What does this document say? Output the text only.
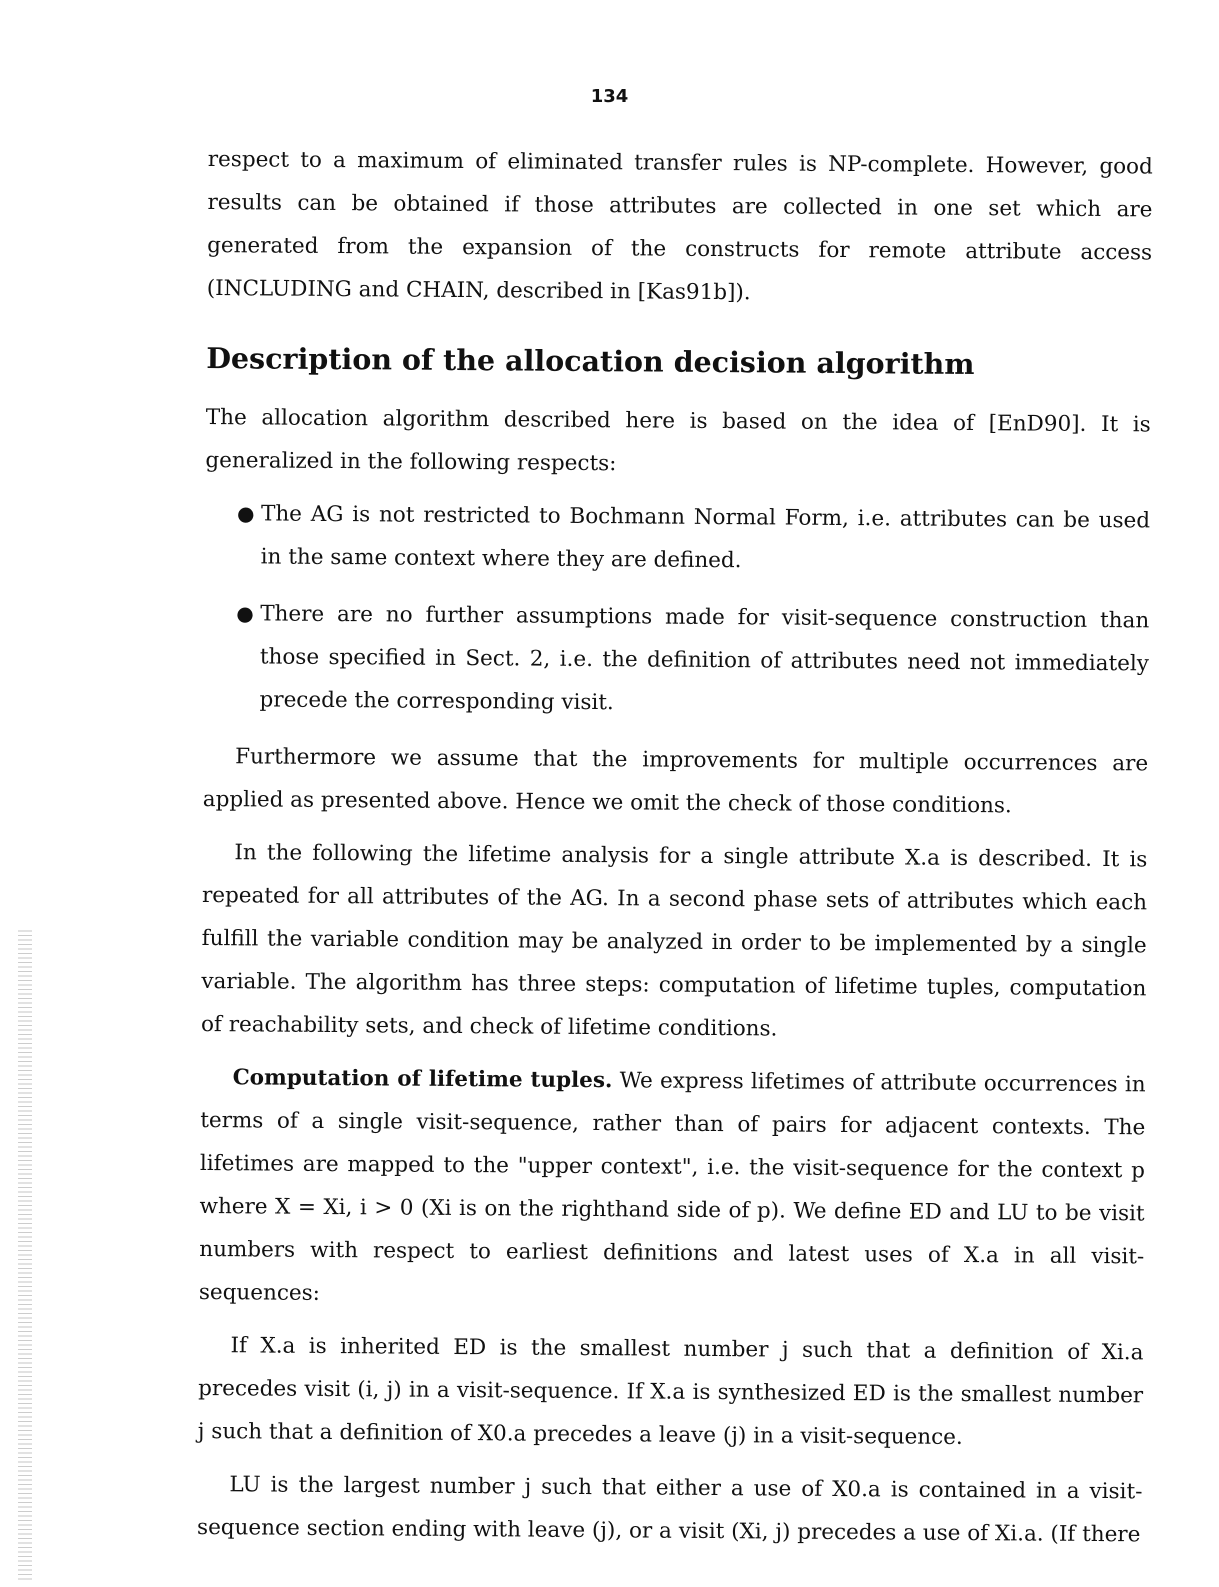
134

respect to a maximum of eliminated transfer rules is NP-complete. However, good results can be obtained if those attributes are collected in one set which are generated from the expansion of the constructs for remote attribute access (INCLUDING and CHAIN, described in [Kas91b]).

Description of the allocation decision algorithm

The allocation algorithm described here is based on the idea of [EnD90]. It is generalized in the following respects:

● The AG is not restricted to Bochmann Normal Form, i.e. attributes can be used in the same context where they are defined.
● There are no further assumptions made for visit-sequence construction than those specified in Sect. 2, i.e. the definition of attributes need not immediately precede the corresponding visit.

Furthermore we assume that the improvements for multiple occurrences are applied as presented above. Hence we omit the check of those conditions.

In the following the lifetime analysis for a single attribute X.a is described. It is repeated for all attributes of the AG. In a second phase sets of attributes which each fulfill the variable condition may be analyzed in order to be implemented by a single variable. The algorithm has three steps: computation of lifetime tuples, computation of reachability sets, and check of lifetime conditions.

Computation of lifetime tuples. We express lifetimes of attribute occurrences in terms of a single visit-sequence, rather than of pairs for adjacent contexts. The lifetimes are mapped to the "upper context", i.e. the visit-sequence for the context p where X = Xi, i > 0 (Xi is on the righthand side of p). We define ED and LU to be visit numbers with respect to earliest definitions and latest uses of X.a in all visit-sequences:

If X.a is inherited ED is the smallest number j such that a definition of Xi.a precedes visit (i, j) in a visit-sequence. If X.a is synthesized ED is the smallest number j such that a definition of X0.a precedes a leave (j) in a visit-sequence.

LU is the largest number j such that either a use of X0.a is contained in a visit-sequence section ending with leave (j), or a visit (Xi, j) precedes a use of Xi.a. (If there
